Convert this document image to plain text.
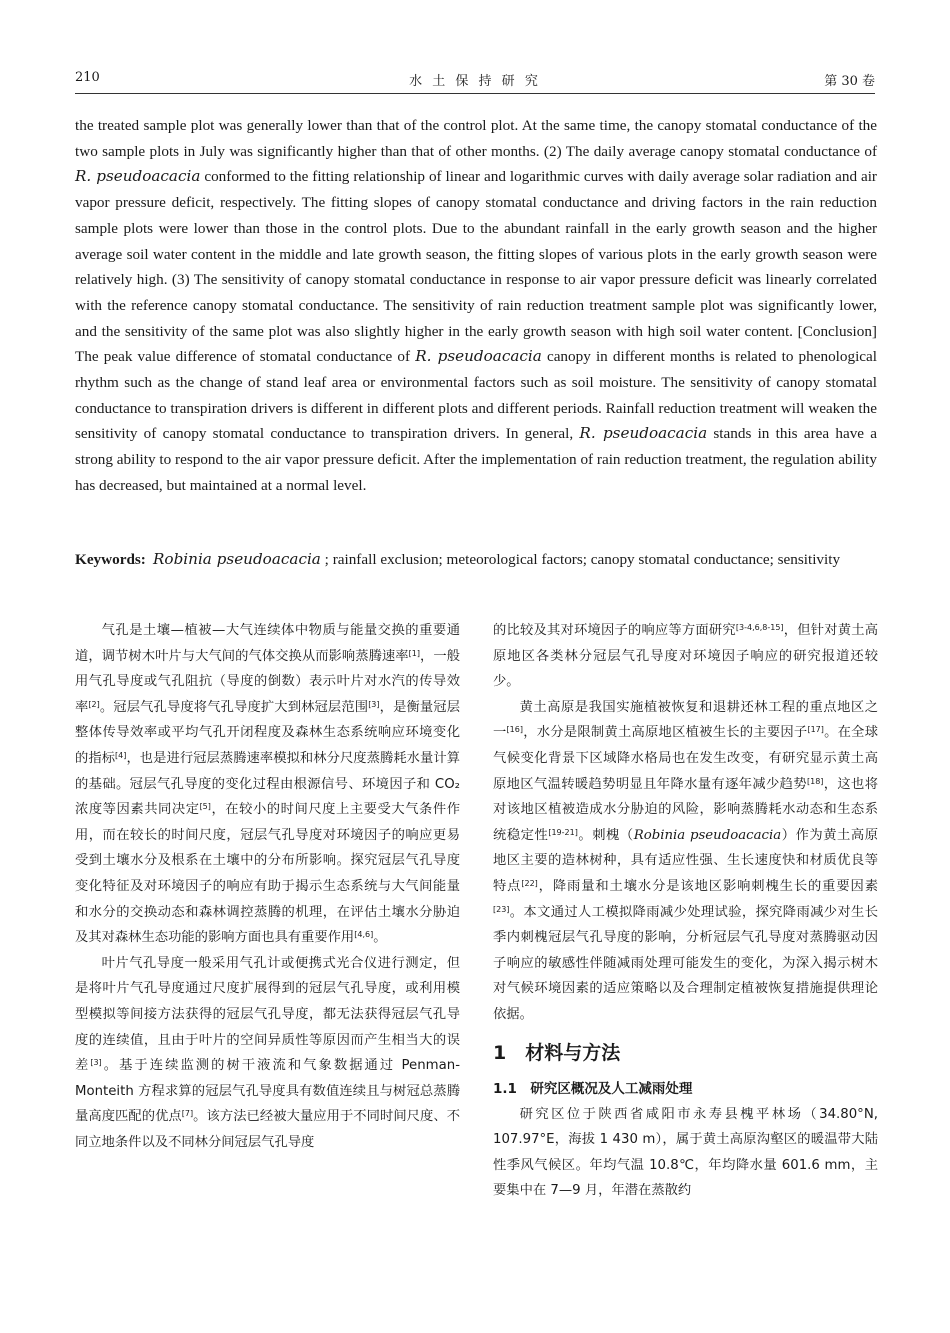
210	水 土 保 持 研 究	第 30 卷

the treated sample plot was generally lower than that of the control plot. At the same time, the canopy stomatal conductance of the two sample plots in July was significantly higher than that of other months. (2) The daily average canopy stomatal conductance of R. pseudoacacia conformed to the fitting relationship of linear and logarithmic curves with daily average solar radiation and air vapor pressure deficit, respectively. The fitting slopes of canopy stomatal conductance and driving factors in the rain reduction sample plots were lower than those in the control plots. Due to the abundant rainfall in the early growth season and the higher average soil water content in the middle and late growth season, the fitting slopes of various plots in the early growth season were relatively high. (3) The sensitivity of canopy stomatal conductance in response to air vapor pressure deficit was linearly correlated with the reference canopy stomatal conductance. The sensitivity of rain reduction treatment sample plot was significantly lower, and the sensitivity of the same plot was also slightly higher in the early growth season with high soil water content. [Conclusion] The peak value difference of stomatal conductance of R. pseudoacacia canopy in different months is related to phenological rhythm such as the change of stand leaf area or environmental factors such as soil moisture. The sensitivity of canopy stomatal conductance to transpiration drivers is different in different plots and different periods. Rainfall reduction treatment will weaken the sensitivity of canopy stomatal conductance to transpiration drivers. In general, R. pseudoacacia stands in this area have a strong ability to respond to the air vapor pressure deficit. After the implementation of rain reduction treatment, the regulation ability has decreased, but maintained at a normal level.

Keywords: Robinia pseudoacacia ; rainfall exclusion; meteorological factors; canopy stomatal conductance; sensitivity

气孔是土壤—植被—大气连续体中物质与能量交换的重要通道，调节树木叶片与大气间的气体交换从而影响蒸腾速率[1]，一般用气孔导度或气孔阻抗（导度的倒数）表示叶片对水汽的传导效率[2]。冠层气孔导度将气孔导度扩大到林冠层范围[3]，是衡量冠层整体传导效率或平均气孔开闭程度及森林生态系统响应环境变化的指标[4]，也是进行冠层蒸腾速率模拟和林分尺度蒸腾耗水量计算的基础。冠层气孔导度的变化过程由根源信号、环境因子和 CO₂ 浓度等因素共同决定[5]，在较小的时间尺度上主要受大气条件作用，而在较长的时间尺度，冠层气孔导度对环境因子的响应更易受到土壤水分及根系在土壤中的分布所影响。探究冠层气孔导度变化特征及对环境因子的响应有助于揭示生态系统与大气间能量和水分的交换动态和森林调控蒸腾的机理，在评估土壤水分胁迫及其对森林生态功能的影响方面也具有重要作用[4,6]。

叶片气孔导度一般采用气孔计或便携式光合仪进行测定，但是将叶片气孔导度通过尺度扩展得到的冠层气孔导度，或利用模型模拟等间接方法获得的冠层气孔导度，都无法获得冠层气孔导度的连续值，且由于叶片的空间异质性等原因而产生相当大的误差[3]。基于连续监测的树干液流和气象数据通过 Penman-Monteith 方程求算的冠层气孔导度具有数值连续且与树冠总蒸腾量高度匹配的优点[7]。该方法已经被大量应用于不同时间尺度、不同立地条件以及不同林分间冠层气孔导度

的比较及其对环境因子的响应等方面研究[3-4,6,8-15]，但针对黄土高原地区各类林分冠层气孔导度对环境因子响应的研究报道还较少。

黄土高原是我国实施植被恢复和退耕还林工程的重点地区之一[16]，水分是限制黄土高原地区植被生长的主要因子[17]。在全球气候变化背景下区域降水格局也在发生改变，有研究显示黄土高原地区气温转暖趋势明显且年降水量有逐年减少趋势[18]，这也将对该地区植被造成水分胁迫的风险，影响蒸腾耗水动态和生态系统稳定性[19-21]。刺槐（Robinia pseudoacacia）作为黄土高原地区主要的造林树种，具有适应性强、生长速度快和材质优良等特点[22]，降雨量和土壤水分是该地区影响刺槐生长的重要因素[23]。本文通过人工模拟降雨减少处理试验，探究降雨减少对生长季内刺槐冠层气孔导度的影响，分析冠层气孔导度对蒸腾驱动因子响应的敏感性伴随减雨处理可能发生的变化，为深入揭示树木对气候环境因素的适应策略以及合理制定植被恢复措施提供理论依据。

1　材料与方法
1.1　研究区概况及人工减雨处理

研究区位于陕西省咸阳市永寿县槐平林场（34.80°N, 107.97°E，海拔 1 430 m），属于黄土高原沟壑区的暖温带大陆性季风气候区。年均气温 10.8℃，年均降水量 601.6 mm，主要集中在 7—9 月，年潜在蒸散约
